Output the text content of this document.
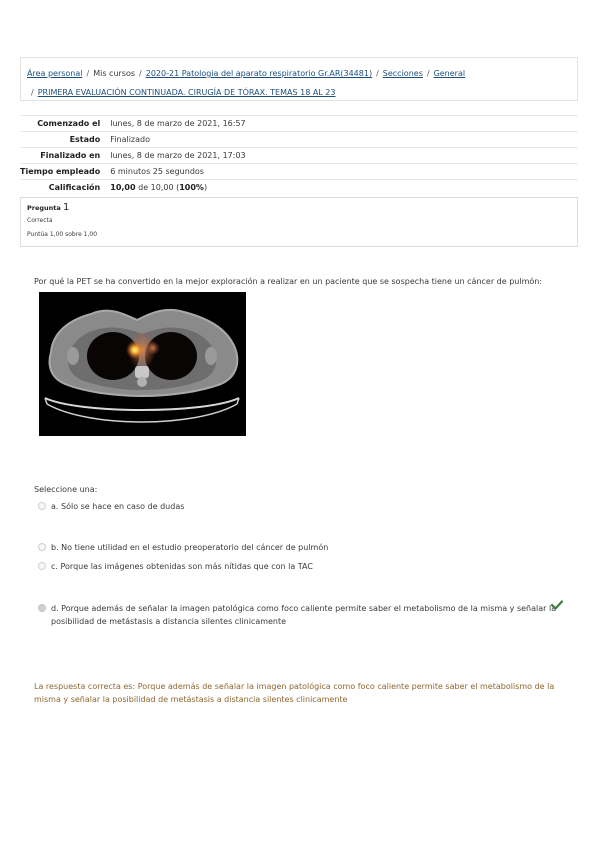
Área personal / Mis cursos / 2020-21 Patologia del aparato respiratorio Gr.AR(34481) / Secciones / General
/ PRIMERA EVALUACIÓN CONTINUADA. CIRUGÍA DE TÓRAX. TEMAS 18 AL 23
Comenzado el	lunes, 8 de marzo de 2021, 16:57
Estado	Finalizado
Finalizado en	lunes, 8 de marzo de 2021, 17:03
Tiempo empleado	6 minutos 25 segundos
Calificación	10,00 de 10,00 (100%)
Pregunta 1
Correcta
Puntúa 1,00 sobre 1,00
Por qué la PET se ha convertido en la mejor exploración a realizar en un paciente que se sospecha tiene un cáncer de pulmón:
Seleccione una:
a. Sólo se hace en caso de dudas
b. No tiene utilidad en el estudio preoperatorio del cáncer de pulmón
c. Porque las imágenes obtenidas son más nítidas que con la TAC
d. Porque además de señalar la imagen patológica como foco caliente permite saber el metabolismo de la misma y señalar la posibilidad de metástasis a distancia silentes clinicamente
La respuesta correcta es: Porque además de señalar la imagen patológica como foco caliente permite saber el metabolismo de la misma y señalar la posibilidad de metástasis a distancia silentes clinicamente
